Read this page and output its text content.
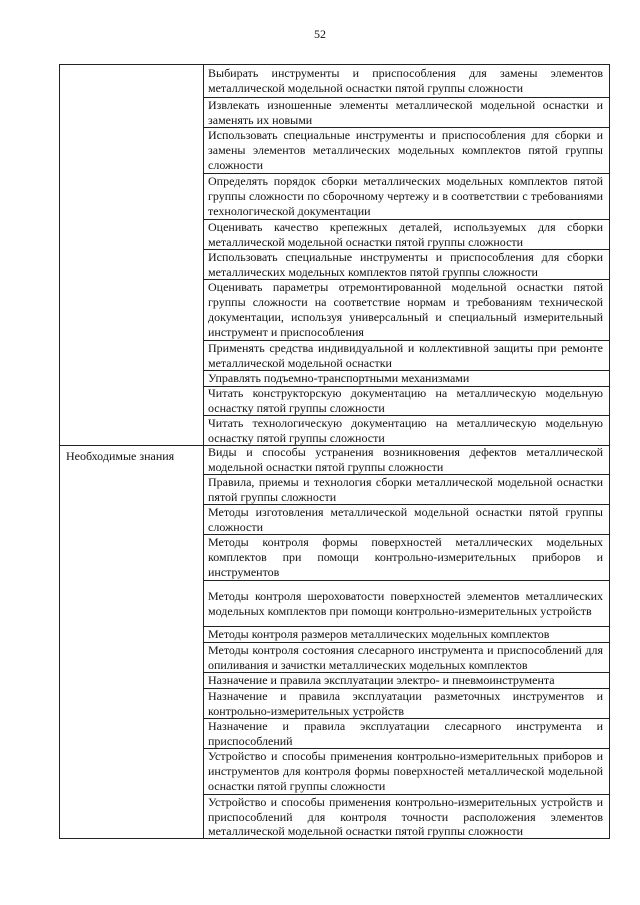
52
Выбирать инструменты и приспособления для замены элементов металлической модельной оснастки пятой группы сложности
Извлекать изношенные элементы металлической модельной оснастки и заменять их новыми
Использовать специальные инструменты и приспособления для сборки и замены элементов металлических модельных комплектов пятой группы сложности
Определять порядок сборки металлических модельных комплектов пятой группы сложности по сборочному чертежу и в соответствии с требованиями технологической документации
Оценивать качество крепежных деталей, используемых для сборки металлической модельной оснастки пятой группы сложности
Использовать специальные инструменты и приспособления для сборки металлических модельных комплектов пятой группы сложности
Оценивать параметры отремонтированной модельной оснастки пятой группы сложности на соответствие нормам и требованиям технической документации, используя универсальный и специальный измерительный инструмент и приспособления
Применять средства индивидуальной и коллективной защиты при ремонте металлической модельной оснастки
Управлять подъемно-транспортными механизмами
Читать конструкторскую документацию на металлическую модельную оснастку пятой группы сложности
Читать технологическую документацию на металлическую модельную оснастку пятой группы сложности
Необходимые знания	Виды и способы устранения возникновения дефектов металлической модельной оснастки пятой группы сложности
Правила, приемы и технология сборки металлической модельной оснастки пятой группы сложности
Методы изготовления металлической модельной оснастки пятой группы сложности
Методы контроля формы поверхностей металлических модельных комплектов при помощи контрольно-измерительных приборов и инструментов
Методы контроля шероховатости поверхностей элементов металлических модельных комплектов при помощи контрольно-измерительных устройств
Методы контроля размеров металлических модельных комплектов
Методы контроля состояния слесарного инструмента и приспособлений для опиливания и зачистки металлических модельных комплектов
Назначение и правила эксплуатации электро- и пневмоинструмента
Назначение и правила эксплуатации разметочных инструментов и контрольно-измерительных устройств
Назначение и правила эксплуатации слесарного инструмента и приспособлений
Устройство и способы применения контрольно-измерительных приборов и инструментов для контроля формы поверхностей металлической модельной оснастки пятой группы сложности
Устройство и способы применения контрольно-измерительных устройств и приспособлений для контроля точности расположения элементов металлической модельной оснастки пятой группы сложности
